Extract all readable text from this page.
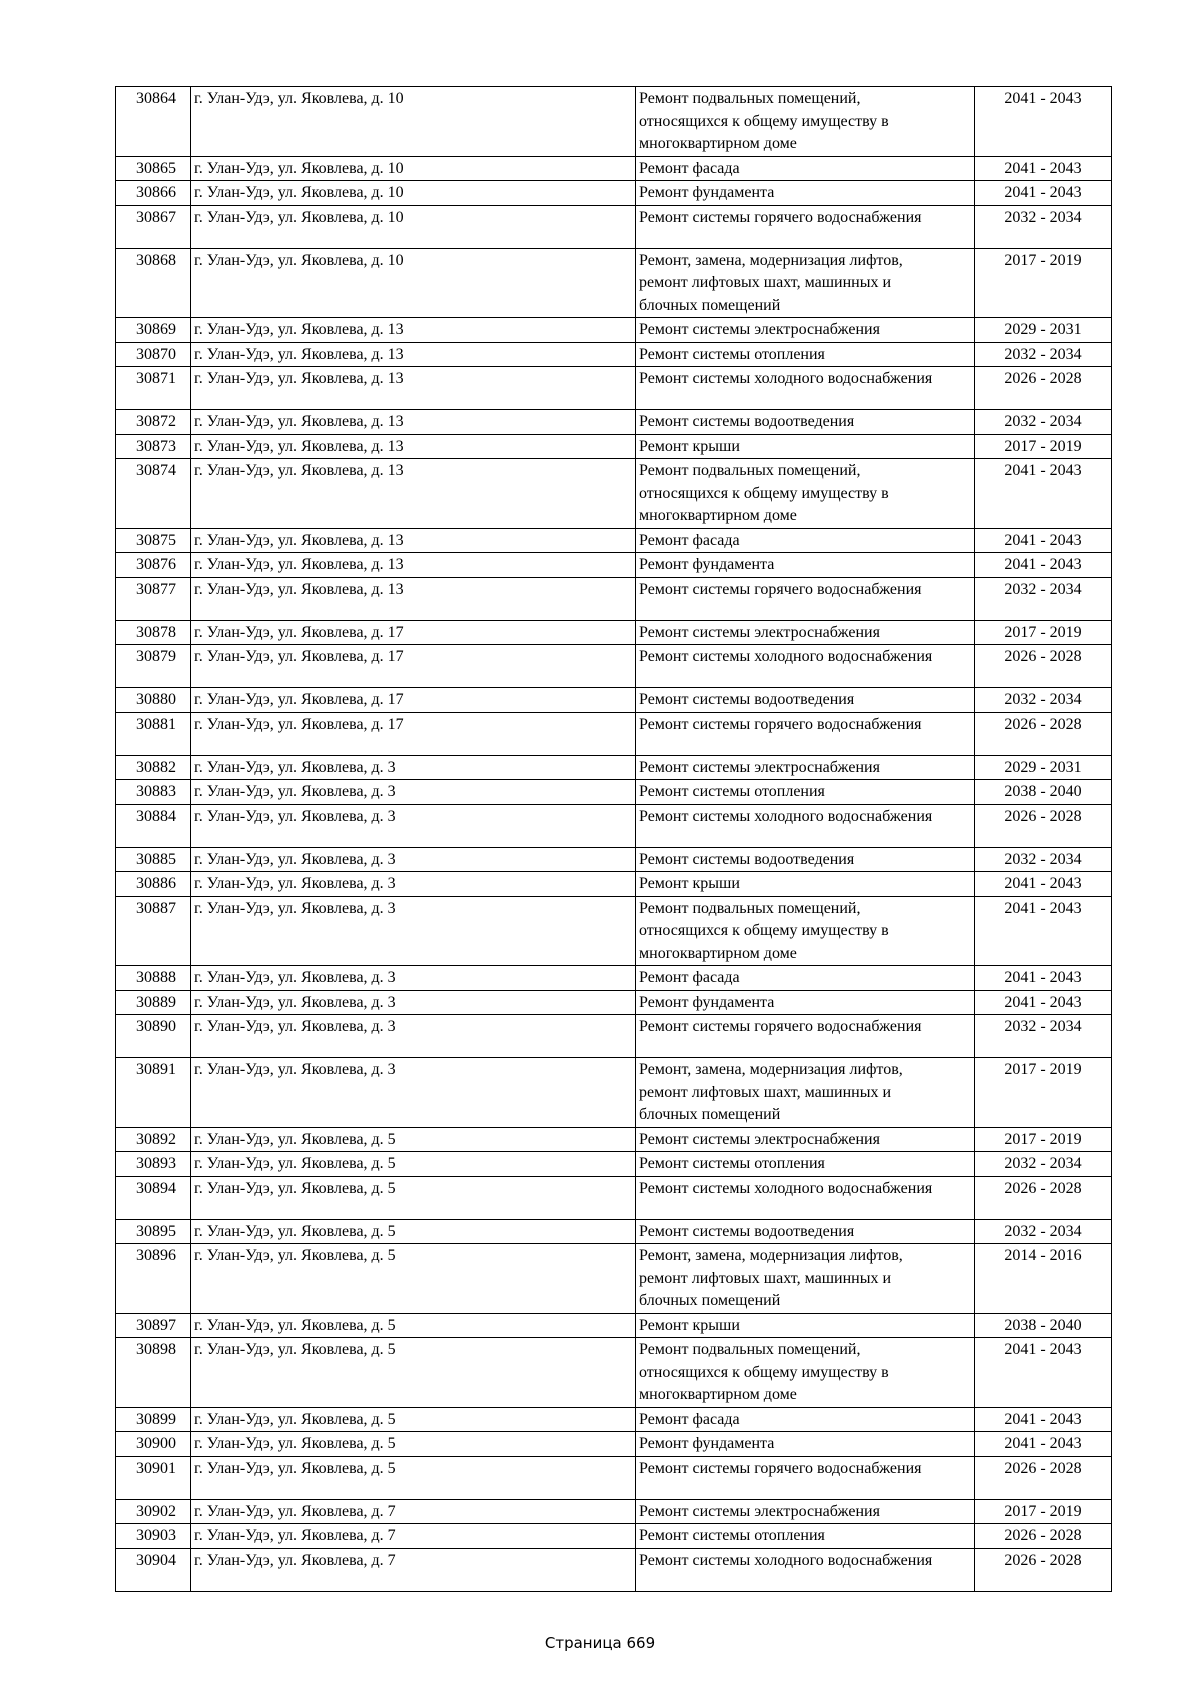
30864	г. Улан-Удэ, ул. Яковлева, д. 10	Ремонт подвальных помещений,
относящихся к общему имуществу в
многоквартирном доме	2041 - 2043
30865	г. Улан-Удэ, ул. Яковлева, д. 10	Ремонт фасада	2041 - 2043
30866	г. Улан-Удэ, ул. Яковлева, д. 10	Ремонт фундамента	2041 - 2043
30867	г. Улан-Удэ, ул. Яковлева, д. 10	Ремонт системы горячего водоснабжения	2032 - 2034
30868	г. Улан-Удэ, ул. Яковлева, д. 10	Ремонт, замена, модернизация лифтов,
ремонт лифтовых шахт, машинных и
блочных помещений	2017 - 2019
30869	г. Улан-Удэ, ул. Яковлева, д. 13	Ремонт системы электроснабжения	2029 - 2031
30870	г. Улан-Удэ, ул. Яковлева, д. 13	Ремонт системы отопления	2032 - 2034
30871	г. Улан-Удэ, ул. Яковлева, д. 13	Ремонт системы холодного водоснабжения	2026 - 2028
30872	г. Улан-Удэ, ул. Яковлева, д. 13	Ремонт системы водоотведения	2032 - 2034
30873	г. Улан-Удэ, ул. Яковлева, д. 13	Ремонт крыши	2017 - 2019
30874	г. Улан-Удэ, ул. Яковлева, д. 13	Ремонт подвальных помещений,
относящихся к общему имуществу в
многоквартирном доме	2041 - 2043
30875	г. Улан-Удэ, ул. Яковлева, д. 13	Ремонт фасада	2041 - 2043
30876	г. Улан-Удэ, ул. Яковлева, д. 13	Ремонт фундамента	2041 - 2043
30877	г. Улан-Удэ, ул. Яковлева, д. 13	Ремонт системы горячего водоснабжения	2032 - 2034
30878	г. Улан-Удэ, ул. Яковлева, д. 17	Ремонт системы электроснабжения	2017 - 2019
30879	г. Улан-Удэ, ул. Яковлева, д. 17	Ремонт системы холодного водоснабжения	2026 - 2028
30880	г. Улан-Удэ, ул. Яковлева, д. 17	Ремонт системы водоотведения	2032 - 2034
30881	г. Улан-Удэ, ул. Яковлева, д. 17	Ремонт системы горячего водоснабжения	2026 - 2028
30882	г. Улан-Удэ, ул. Яковлева, д. 3	Ремонт системы электроснабжения	2029 - 2031
30883	г. Улан-Удэ, ул. Яковлева, д. 3	Ремонт системы отопления	2038 - 2040
30884	г. Улан-Удэ, ул. Яковлева, д. 3	Ремонт системы холодного водоснабжения	2026 - 2028
30885	г. Улан-Удэ, ул. Яковлева, д. 3	Ремонт системы водоотведения	2032 - 2034
30886	г. Улан-Удэ, ул. Яковлева, д. 3	Ремонт крыши	2041 - 2043
30887	г. Улан-Удэ, ул. Яковлева, д. 3	Ремонт подвальных помещений,
относящихся к общему имуществу в
многоквартирном доме	2041 - 2043
30888	г. Улан-Удэ, ул. Яковлева, д. 3	Ремонт фасада	2041 - 2043
30889	г. Улан-Удэ, ул. Яковлева, д. 3	Ремонт фундамента	2041 - 2043
30890	г. Улан-Удэ, ул. Яковлева, д. 3	Ремонт системы горячего водоснабжения	2032 - 2034
30891	г. Улан-Удэ, ул. Яковлева, д. 3	Ремонт, замена, модернизация лифтов,
ремонт лифтовых шахт, машинных и
блочных помещений	2017 - 2019
30892	г. Улан-Удэ, ул. Яковлева, д. 5	Ремонт системы электроснабжения	2017 - 2019
30893	г. Улан-Удэ, ул. Яковлева, д. 5	Ремонт системы отопления	2032 - 2034
30894	г. Улан-Удэ, ул. Яковлева, д. 5	Ремонт системы холодного водоснабжения	2026 - 2028
30895	г. Улан-Удэ, ул. Яковлева, д. 5	Ремонт системы водоотведения	2032 - 2034
30896	г. Улан-Удэ, ул. Яковлева, д. 5	Ремонт, замена, модернизация лифтов,
ремонт лифтовых шахт, машинных и
блочных помещений	2014 - 2016
30897	г. Улан-Удэ, ул. Яковлева, д. 5	Ремонт крыши	2038 - 2040
30898	г. Улан-Удэ, ул. Яковлева, д. 5	Ремонт подвальных помещений,
относящихся к общему имуществу в
многоквартирном доме	2041 - 2043
30899	г. Улан-Удэ, ул. Яковлева, д. 5	Ремонт фасада	2041 - 2043
30900	г. Улан-Удэ, ул. Яковлева, д. 5	Ремонт фундамента	2041 - 2043
30901	г. Улан-Удэ, ул. Яковлева, д. 5	Ремонт системы горячего водоснабжения	2026 - 2028
30902	г. Улан-Удэ, ул. Яковлева, д. 7	Ремонт системы электроснабжения	2017 - 2019
30903	г. Улан-Удэ, ул. Яковлева, д. 7	Ремонт системы отопления	2026 - 2028
30904	г. Улан-Удэ, ул. Яковлева, д. 7	Ремонт системы холодного водоснабжения	2026 - 2028
Страница 669
